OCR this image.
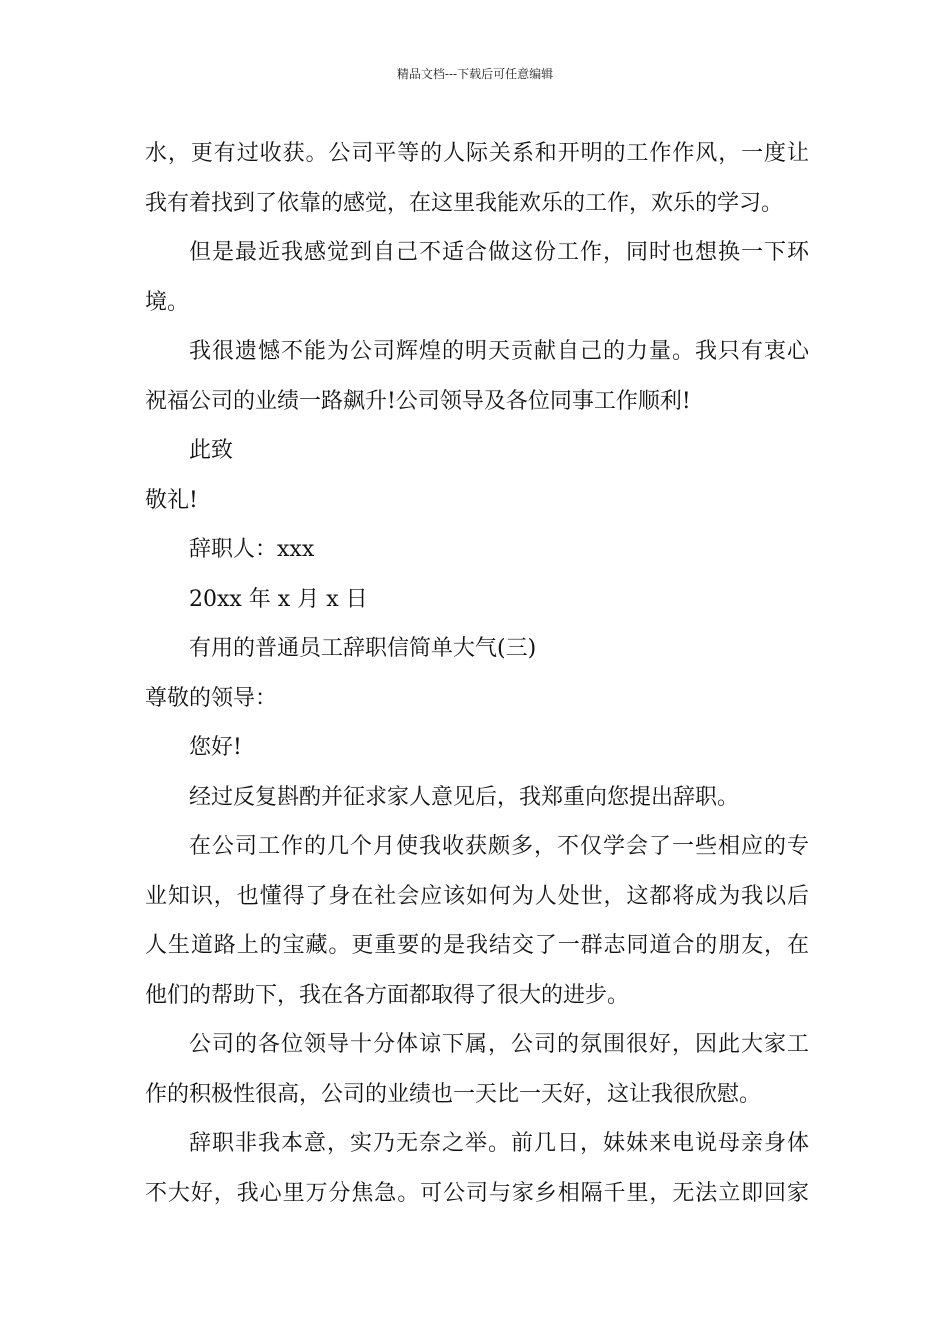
精品文档---下载后可任意编辑
水，更有过收获。公司平等的人际关系和开明的工作作风，一度让
我有着找到了依靠的感觉，在这里我能欢乐的工作，欢乐的学习。
但是最近我感觉到自己不适合做这份工作，同时也想换一下环
境。
我很遗憾不能为公司辉煌的明天贡献自己的力量。我只有衷心
祝福公司的业绩一路飙升!公司领导及各位同事工作顺利!
此致
敬礼!
辞职人：xxx
20xx 年 x 月 x 日
有用的普通员工辞职信简单大气(三)
尊敬的领导：
您好!
经过反复斟酌并征求家人意见后，我郑重向您提出辞职。
在公司工作的几个月使我收获颇多，不仅学会了一些相应的专
业知识，也懂得了身在社会应该如何为人处世，这都将成为我以后
人生道路上的宝藏。更重要的是我结交了一群志同道合的朋友，在
他们的帮助下，我在各方面都取得了很大的进步。
公司的各位领导十分体谅下属，公司的氛围很好，因此大家工
作的积极性很高，公司的业绩也一天比一天好，这让我很欣慰。
辞职非我本意，实乃无奈之举。前几日，妹妹来电说母亲身体
不大好，我心里万分焦急。可公司与家乡相隔千里，无法立即回家
